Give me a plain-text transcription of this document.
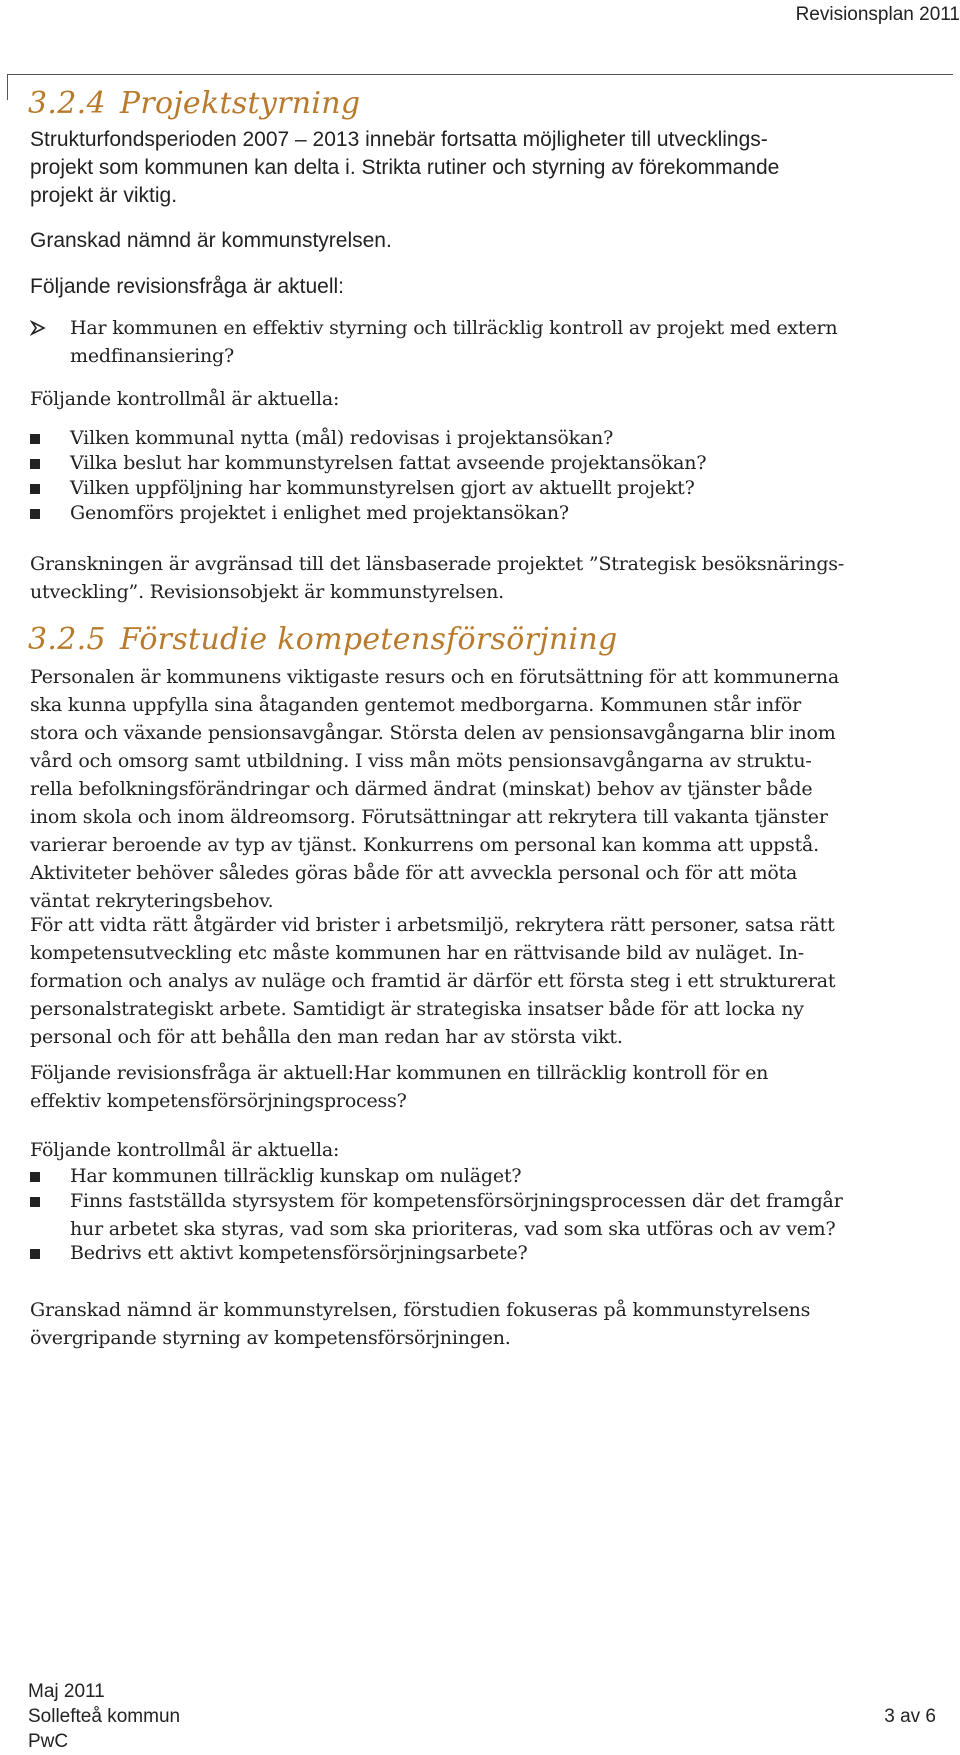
Revisionsplan 2011
3.2.4 Projektstyrning
Strukturfondsperioden 2007 – 2013 innebär fortsatta möjligheter till utvecklings-
projekt som kommunen kan delta i. Strikta rutiner och styrning av förekommande
projekt är viktig.
Granskad nämnd är kommunstyrelsen.
Följande revisionsfråga är aktuell:
Har kommunen en effektiv styrning och tillräcklig kontroll av projekt med extern
medfinansiering?
Följande kontrollmål är aktuella:
Vilken kommunal nytta (mål) redovisas i projektansökan?
Vilka beslut har kommunstyrelsen fattat avseende projektansökan?
Vilken uppföljning har kommunstyrelsen gjort av aktuellt projekt?
Genomförs projektet i enlighet med projektansökan?
Granskningen är avgränsad till det länsbaserade projektet ”Strategisk besöksnärings-
utveckling”. Revisionsobjekt är kommunstyrelsen.
3.2.5 Förstudie kompetensförsörjning
Personalen är kommunens viktigaste resurs och en förutsättning för att kommunerna
ska kunna uppfylla sina åtaganden gentemot medborgarna. Kommunen står inför
stora och växande pensionsavgångar. Största delen av pensionsavgångarna blir inom
vård och omsorg samt utbildning. I viss mån möts pensionsavgångarna av struktu-
rella befolkningsförändringar och därmed ändrat (minskat) behov av tjänster både
inom skola och inom äldreomsorg. Förutsättningar att rekrytera till vakanta tjänster
varierar beroende av typ av tjänst. Konkurrens om personal kan komma att uppstå.
Aktiviteter behöver således göras både för att avveckla personal och för att möta
väntat rekryteringsbehov.
För att vidta rätt åtgärder vid brister i arbetsmiljö, rekrytera rätt personer, satsa rätt
kompetensutveckling etc måste kommunen har en rättvisande bild av nuläget. In-
formation och analys av nuläge och framtid är därför ett första steg i ett strukturerat
personalstrategiskt arbete. Samtidigt är strategiska insatser både för att locka ny
personal och för att behålla den man redan har av största vikt.
Följande revisionsfråga är aktuell:Har kommunen en tillräcklig kontroll för en
effektiv kompetensförsörjningsprocess?
Följande kontrollmål är aktuella:
Har kommunen tillräcklig kunskap om nuläget?
Finns fastställda styrsystem för kompetensförsörjningsprocessen där det framgår
hur arbetet ska styras, vad som ska prioriteras, vad som ska utföras och av vem?
Bedrivs ett aktivt kompetensförsörjningsarbete?
Granskad nämnd är kommunstyrelsen, förstudien fokuseras på kommunstyrelsens
övergripande styrning av kompetensförsörjningen.
Maj 2011
Sollefteå kommun
PwC
3 av 6
